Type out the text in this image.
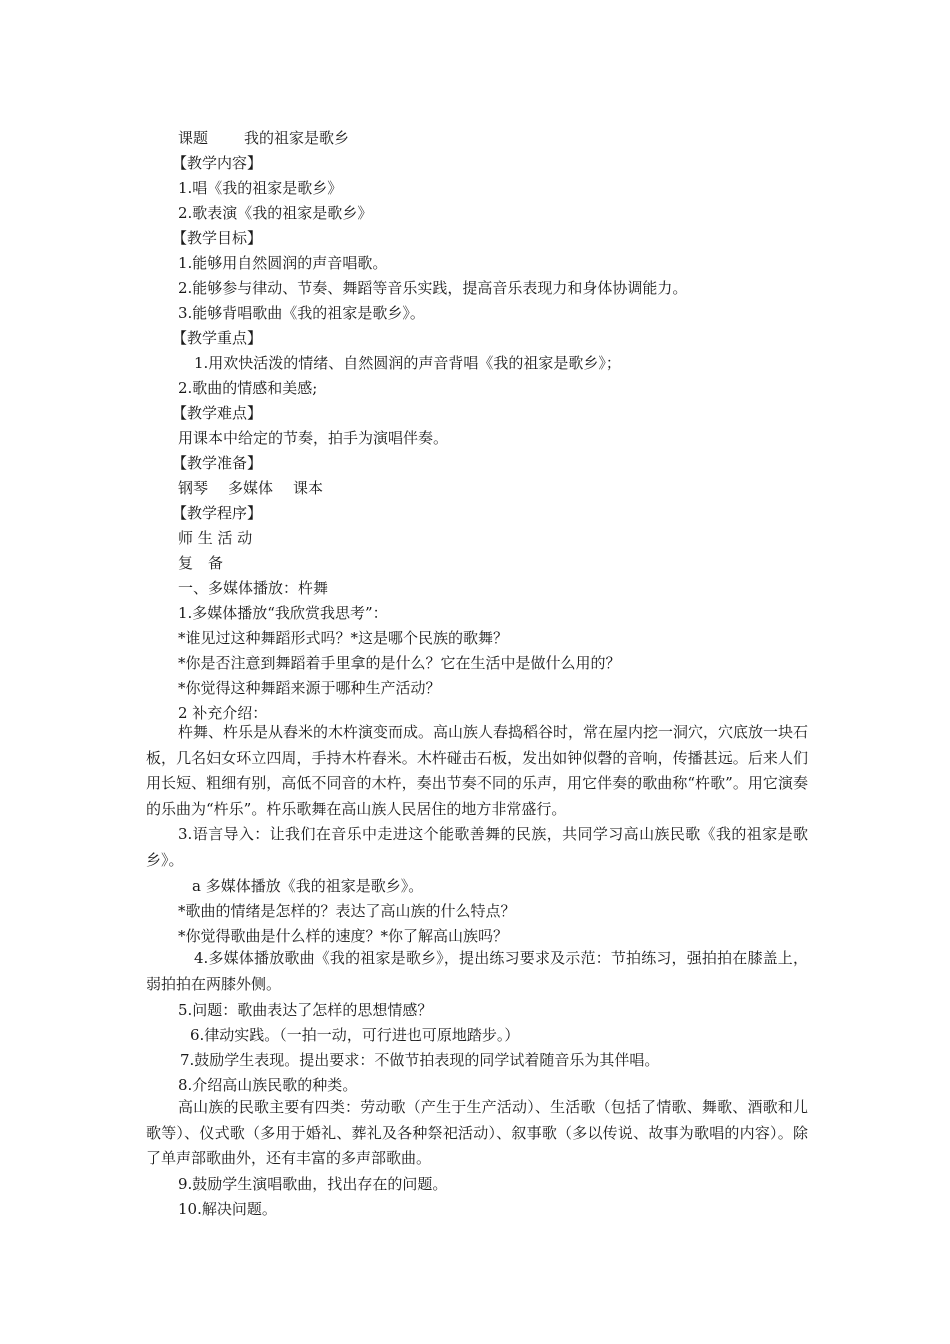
课题 我的祖家是歌乡
【教学内容】
1.唱《我的祖家是歌乡》
2.歌表演《我的祖家是歌乡》
【教学目标】
1.能够用自然圆润的声音唱歌。
2.能够参与律动、节奏、舞蹈等音乐实践，提高音乐表现力和身体协调能力。
3.能够背唱歌曲《我的祖家是歌乡》。
【教学重点】
1.用欢快活泼的情绪、自然圆润的声音背唱《我的祖家是歌乡》；
2.歌曲的情感和美感;
【教学难点】
用课本中给定的节奏，拍手为演唱伴奏。
【教学准备】
钢琴 多媒体 课本
【教学程序】
师 生 活 动
复　备
一、多媒体播放：杵舞
1.多媒体播放“我欣赏我思考”：
*谁见过这种舞蹈形式吗？*这是哪个民族的歌舞？
*你是否注意到舞蹈着手里拿的是什么？它在生活中是做什么用的？
*你觉得这种舞蹈来源于哪种生产活动？
2 补充介绍：
杵舞、杵乐是从舂米的木杵演变而成。高山族人春捣稻谷时，常在屋内挖一洞穴，穴底放一块石板，几名妇女环立四周，手持木杵舂米。木杵碰击石板，发出如钟似磬的音响，传播甚远。后来人们用长短、粗细有别，高低不同音的木杵，奏出节奏不同的乐声，用它伴奏的歌曲称“杵歌”。用它演奏的乐曲为“杵乐”。杵乐歌舞在高山族人民居住的地方非常盛行。
3.语言导入：让我们在音乐中走进这个能歌善舞的民族，共同学习高山族民歌《我的祖家是歌乡》。
a 多媒体播放《我的祖家是歌乡》。
*歌曲的情绪是怎样的？表达了高山族的什么特点？
*你觉得歌曲是什么样的速度？*你了解高山族吗？
4.多媒体播放歌曲《我的祖家是歌乡》，提出练习要求及示范：节拍练习，强拍拍在膝盖上，弱拍拍在两膝外侧。
5.问题：歌曲表达了怎样的思想情感？
6.律动实践。（一拍一动，可行进也可原地踏步。）
7.鼓励学生表现。提出要求：不做节拍表现的同学试着随音乐为其伴唱。
8.介绍高山族民歌的种类。
高山族的民歌主要有四类：劳动歌（产生于生产活动）、生活歌（包括了情歌、舞歌、酒歌和儿歌等）、仪式歌（多用于婚礼、葬礼及各种祭祀活动）、叙事歌（多以传说、故事为歌唱的内容）。除了单声部歌曲外，还有丰富的多声部歌曲。
9.鼓励学生演唱歌曲，找出存在的问题。
10.解决问题。
